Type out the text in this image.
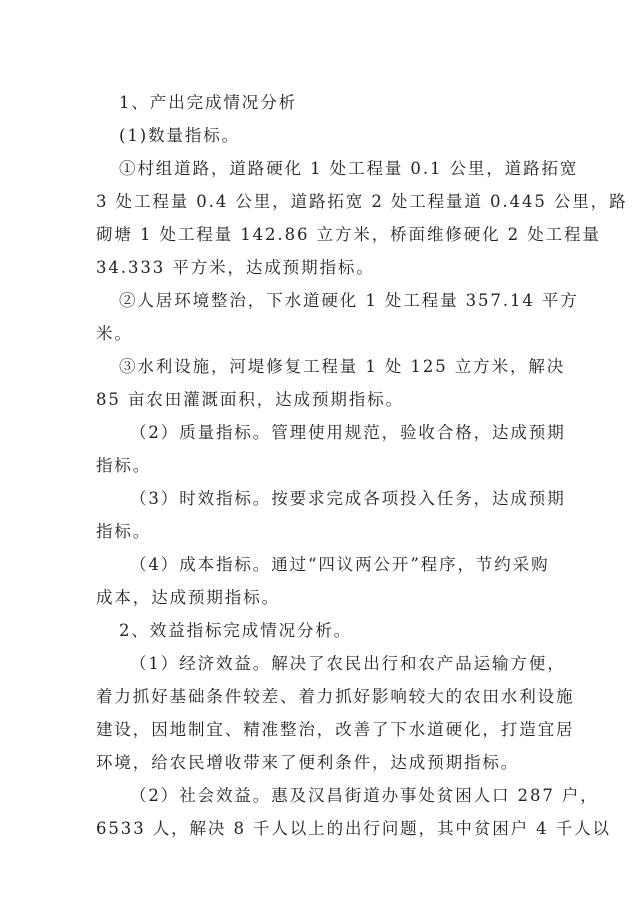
1、产出完成情况分析
(1)数量指标。
①村组道路，道路硬化 1 处工程量 0.1 公里，道路拓宽
3 处工程量 0.4 公里，道路拓宽 2 处工程量道 0.445 公里，路
砌塘 1 处工程量 142.86 立方米，桥面维修硬化 2 处工程量
34.333 平方米，达成预期指标。
②人居环境整治，下水道硬化 1 处工程量 357.14 平方
米。
③水利设施，河堤修复工程量 1 处 125 立方米，解决
85 亩农田灌溉面积，达成预期指标。
（2）质量指标。管理使用规范，验收合格，达成预期
指标。
（3）时效指标。按要求完成各项投入任务，达成预期
指标。
（4）成本指标。通过“四议两公开”程序，节约采购
成本，达成预期指标。
2、效益指标完成情况分析。
（1）经济效益。解决了农民出行和农产品运输方便，
着力抓好基础条件较差、着力抓好影响较大的农田水利设施
建设，因地制宜、精准整治，改善了下水道硬化，打造宜居
环境，给农民增收带来了便利条件，达成预期指标。
（2）社会效益。惠及汉昌街道办事处贫困人口 287 户，
6533 人，解决 8 千人以上的出行问题，其中贫困户 4 千人以
